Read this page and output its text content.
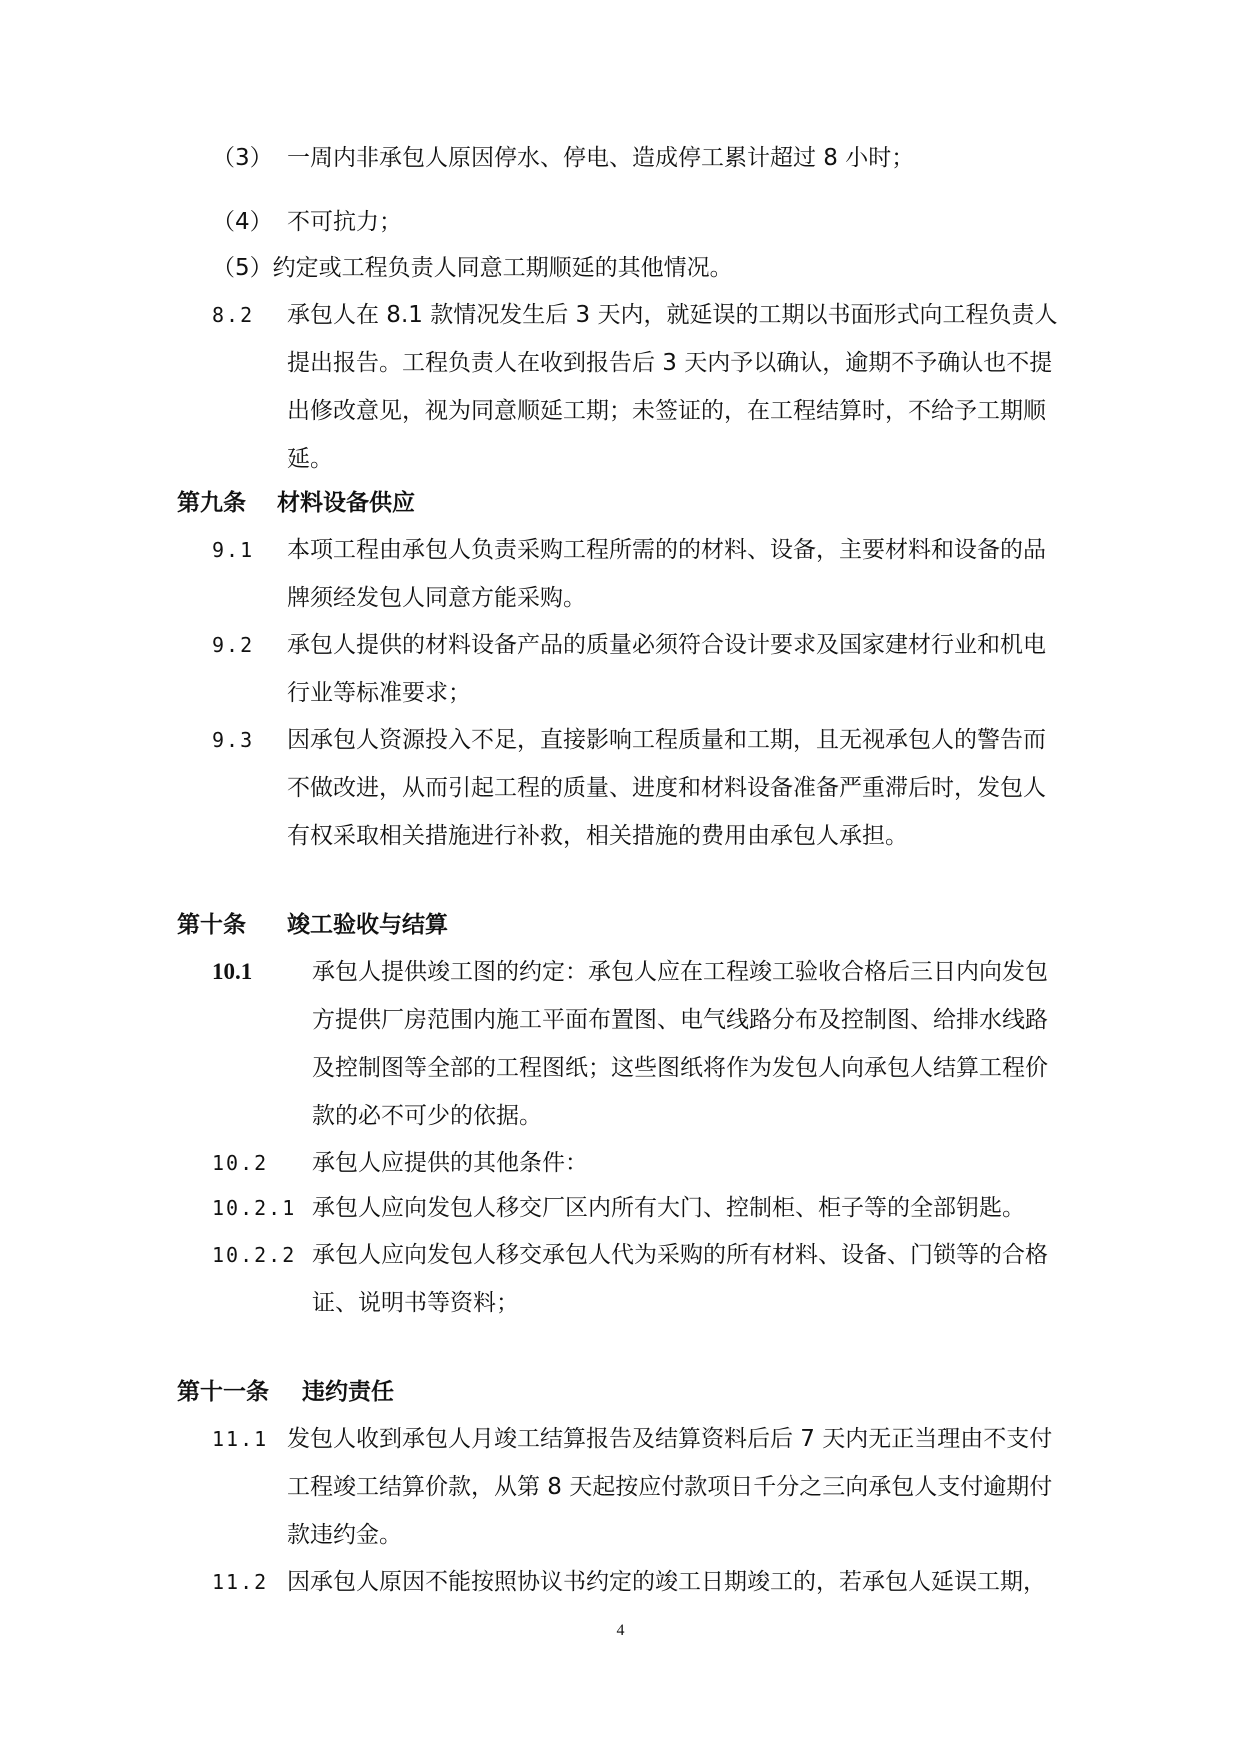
（3） 一周内非承包人原因停水、停电、造成停工累计超过 8 小时；
（4） 不可抗力；
（5）约定或工程负责人同意工期顺延的其他情况。
8.2 承包人在 8.1 款情况发生后 3 天内，就延误的工期以书面形式向工程负责人
提出报告。工程负责人在收到报告后 3 天内予以确认，逾期不予确认也不提
出修改意见，视为同意顺延工期；未签证的，在工程结算时，不给予工期顺
延。
第九条 材料设备供应
9.1 本项工程由承包人负责采购工程所需的的材料、设备，主要材料和设备的品
牌须经发包人同意方能采购。
9.2 承包人提供的材料设备产品的质量必须符合设计要求及国家建材行业和机电
行业等标准要求；
9.3 因承包人资源投入不足，直接影响工程质量和工期，且无视承包人的警告而
不做改进，从而引起工程的质量、进度和材料设备准备严重滞后时，发包人
有权采取相关措施进行补救，相关措施的费用由承包人承担。
第十条 竣工验收与结算
10.1	承包人提供竣工图的约定：承包人应在工程竣工验收合格后三日内向发包
方提供厂房范围内施工平面布置图、电气线路分布及控制图、给排水线路
及控制图等全部的工程图纸；这些图纸将作为发包人向承包人结算工程价
款的必不可少的依据。
10.2 承包人应提供的其他条件：
10.2.1 承包人应向发包人移交厂区内所有大门、控制柜、柜子等的全部钥匙。
10.2.2 承包人应向发包人移交承包人代为采购的所有材料、设备、门锁等的合格
证、说明书等资料；
第十一条 违约责任
11.1 发包人收到承包人月竣工结算报告及结算资料后后 7 天内无正当理由不支付
工程竣工结算价款，从第 8 天起按应付款项日千分之三向承包人支付逾期付
款违约金。
11.2 因承包人原因不能按照协议书约定的竣工日期竣工的，若承包人延误工期，
4
